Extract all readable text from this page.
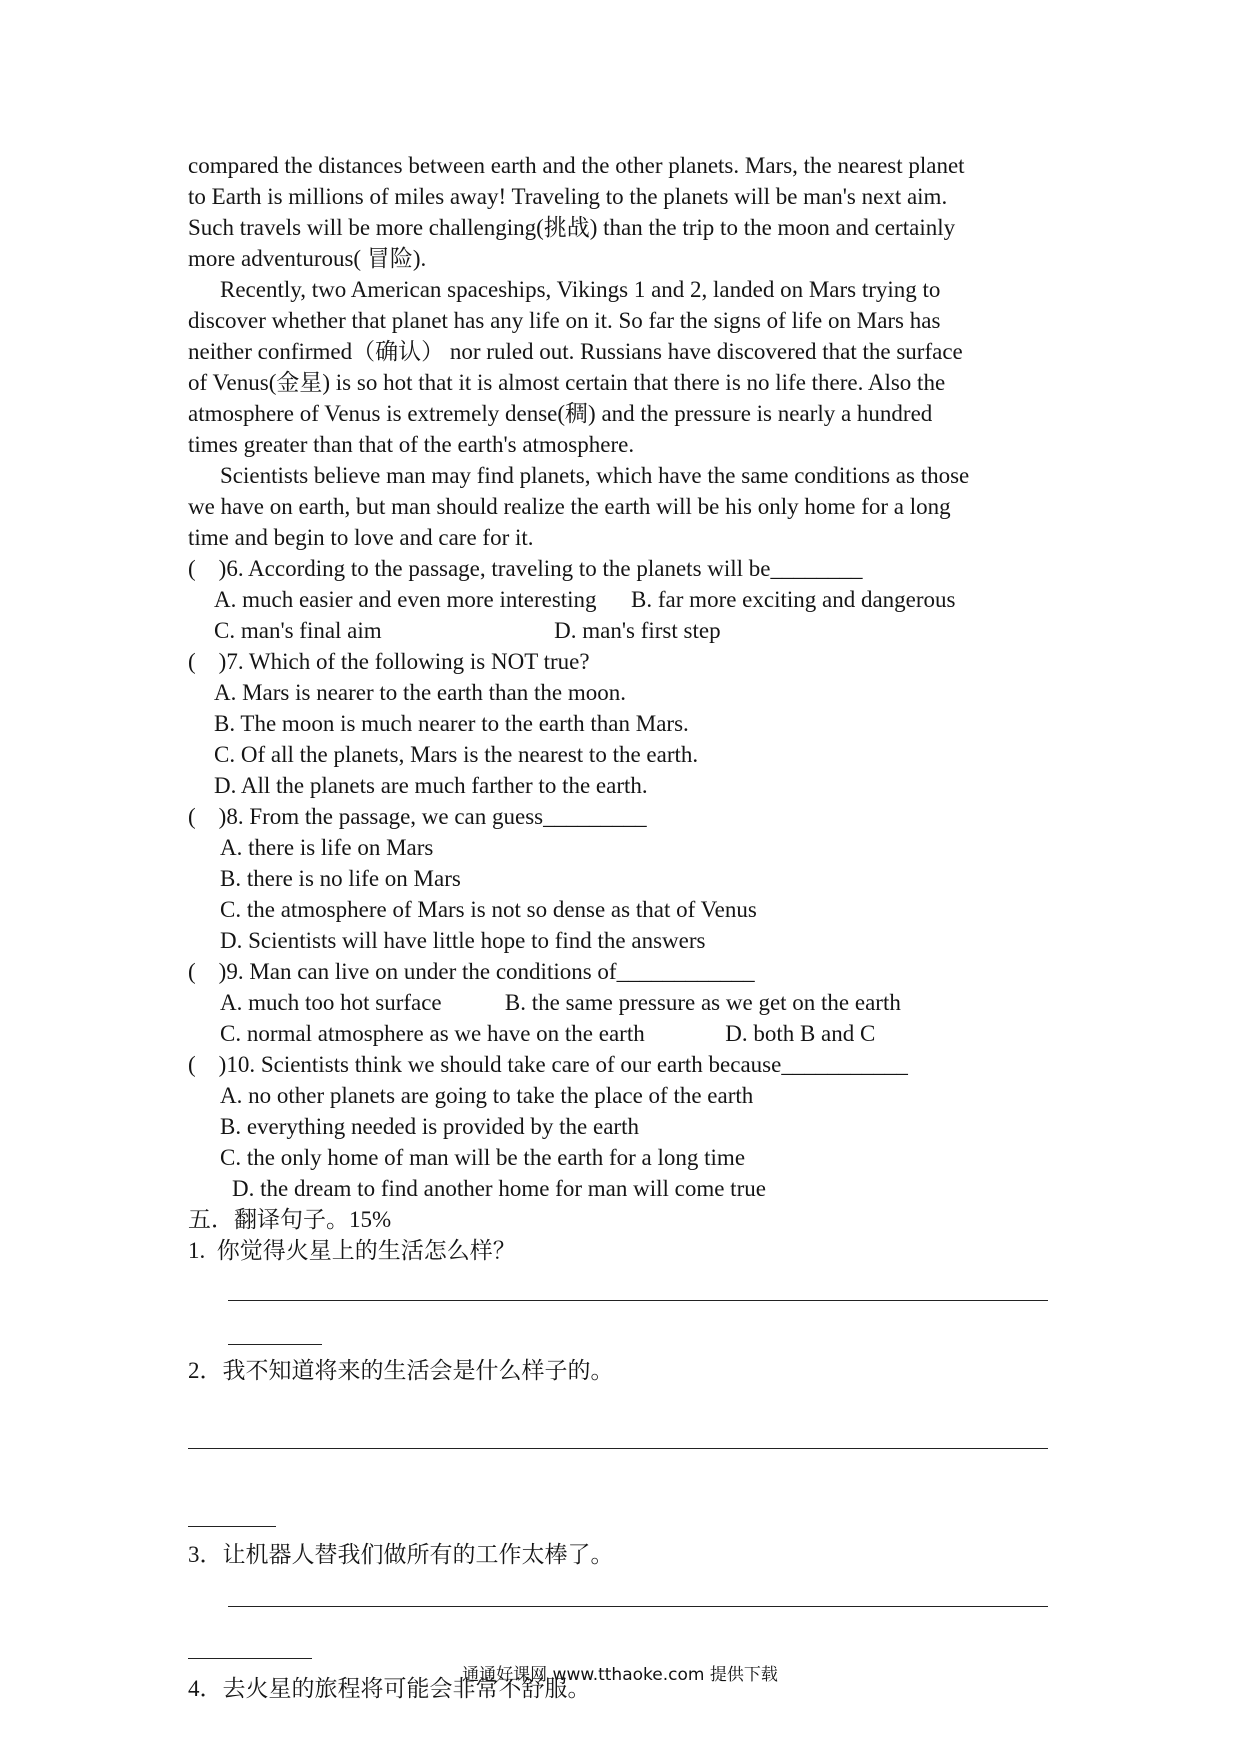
compared the distances between earth and the other planets. Mars, the nearest planet

to Earth is millions of miles away! Traveling to the planets will be man's next aim.

Such travels will be more challenging(挑战) than the trip to the moon and certainly

more adventurous( 冒险).

Recently, two American spaceships, Vikings 1 and 2, landed on Mars trying to

discover whether that planet has any life on it. So far the signs of life on Mars has

neither confirmed（确认） nor ruled out. Russians have discovered that the surface

of Venus(金星) is so hot that it is almost certain that there is no life there. Also the

atmosphere of Venus is extremely dense(稠) and the pressure is nearly a hundred

times greater than that of the earth's atmosphere.

Scientists believe man may find planets, which have the same conditions as those

we have on earth, but man should realize the earth will be his only home for a long

time and begin to love and care for it.

(    )6. According to the passage, traveling to the planets will be________

A. much easier and even more interesting      B. far more exciting and dangerous

C. man's final aim                              D. man's first step

(    )7. Which of the following is NOT true?

A. Mars is nearer to the earth than the moon.

B. The moon is much nearer to the earth than Mars.

C. Of all the planets, Mars is the nearest to the earth.

D. All the planets are much farther to the earth.

(    )8. From the passage, we can guess_________

A. there is life on Mars

B. there is no life on Mars

C. the atmosphere of Mars is not so dense as that of Venus

D. Scientists will have little hope to find the answers

(    )9. Man can live on under the conditions of____________

A. much too hot surface           B. the same pressure as we get on the earth

C. normal atmosphere as we have on the earth              D. both B and C

(    )10. Scientists think we should take care of our earth because___________

A. no other planets are going to take the place of the earth

B. everything needed is provided by the earth

C. the only home of man will be the earth for a long time

D. the dream to find another home for man will come true

五．翻译句子。15%

1.  你觉得火星上的生活怎么样？

2．我不知道将来的生活会是什么样子的。

3．让机器人替我们做所有的工作太棒了。

4．去火星的旅程将可能会非常不舒服。

通通好课网 www.tthaoke.com 提供下载
